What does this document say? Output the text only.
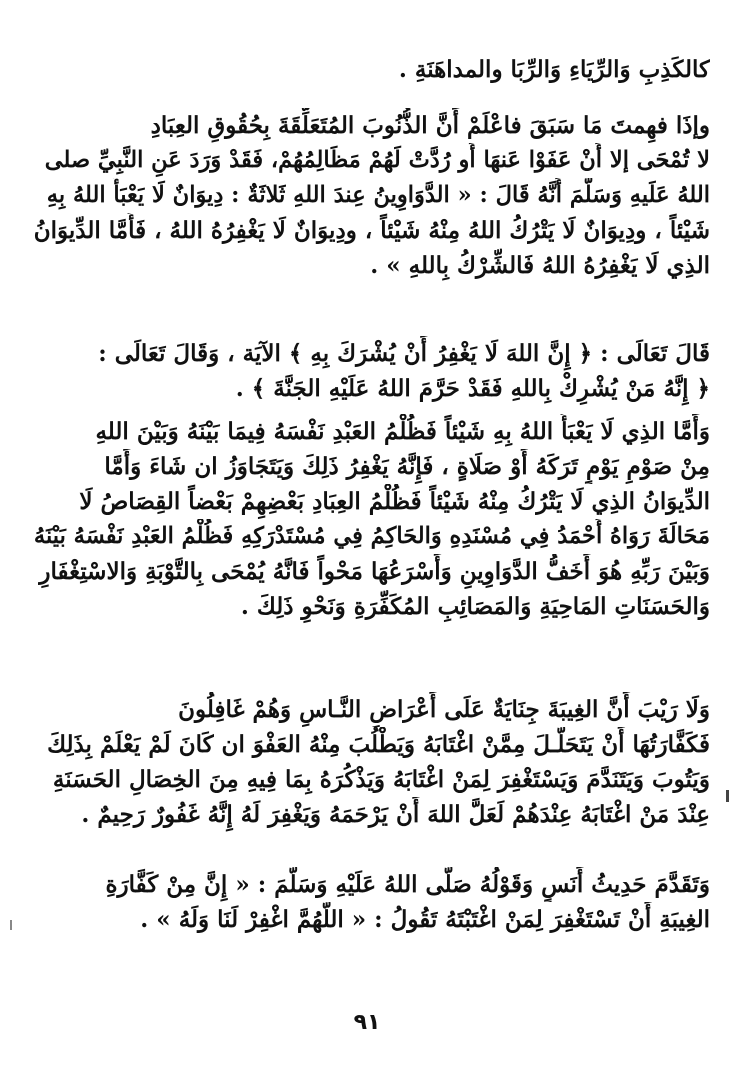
كالكَذِبِ وَالرِّيَاءِ وَالرِّبَا والمداهَنَةِ .
وإذَا فهِمتَ مَا سَبَقَ فاعْلَمْ أَنَّ الذُّنُوبَ المُتَعَلِّقَةَ بِحُقُوقِ العِبَادِ
لا تُمْحَى إلا أَنْ عَفَوْا عَنهَا أَو رُدَّتْ لَهُمْ مَظَالِمُهُمْ، فَقَدْ وَرَدَ عَنِ النَّبِيِّ صلى
اللهُ عَلَيهِ وَسَلَّمَ أَنَّهُ قَالَ : « الدَّوَاوِينُ عِندَ اللهِ ثَلاثَةٌ : دِيوَانٌ لَا يَعْبَأُ اللهُ بِهِ
شَيْئاً ، ودِيوَانٌ لَا يَتْرُكُ اللهُ مِنْهُ شَيْئاً ، ودِيوَانٌ لَا يَغْفِرُهُ اللهُ ، فَأَمَّا الدِّيوَانُ
الذِي لَا يَغْفِرُهُ اللهُ فَالشِّرْكُ بِاللهِ » .
قَالَ تَعَالَى : ﴿ إِنَّ اللهَ لَا يَغْفِرُ أَنْ يُشْرَكَ بِهِ ﴾ الآيَة ، وَقَالَ تَعَالَى :
﴿ إِنَّهُ مَنْ يُشْرِكْ بِاللهِ فَقَدْ حَرَّمَ اللهُ عَلَيْهِ الجَنَّةَ ﴾ .
وَأَمَّا الذِي لَا يَعْبَأُ اللهُ بِهِ شَيْئاً فَظُلْمُ العَبْدِ نَفْسَهُ فِيمَا بَيْنَهُ وَبَيْنَ اللهِ
مِنْ صَوْمِ يَوْمٍ تَرَكَهُ أَوْ صَلَاةٍ ، فَإِنَّهُ يَغْفِرُ ذَلِكَ وَيَتَجَاوَزُ ان شَاءَ وَأَمَّا
الدِّيوَانُ الذِي لَا يَتْرُكُ مِنْهُ شَيْئاً فَظُلْمُ العِبَادِ بَعْضِهِمْ بَعْضاً القِصَاصُ لَا
مَحَالَةَ رَوَاهُ أَحْمَدُ فِي مُسْنَدِهِ وَالحَاكِمُ فِي مُسْتَدْرَكِهِ فَظُلْمُ العَبْدِ نَفْسَهُ بَيْنَهُ
وَبَيْنَ رَبِّهِ هُوَ أَخَفُّ الدَّوَاوِينِ وَأَسْرَعُهَا مَحْواً فَانَّهُ يُمْحَى بِالتَّوْبَةِ وَالاسْتِغْفَارِ
وَالحَسَنَاتِ المَاحِيَةِ وَالمَصَائِبِ المُكَفِّرَةِ وَنَحْوِ ذَلِكَ .
وَلَا رَيْبَ أَنَّ الغِيبَةَ جِنَايَةٌ عَلَى أَعْرَاضِ النَّـاسِ وَهُمْ غَافِلُونَ
فَكَفَّارَتُهَا أَنْ يَتَحَلَّـلَ مِمَّنْ اغْتَابَهُ وَيَطْلُبَ مِنْهُ العَفْوَ ان كَانَ لَمْ يَعْلَمْ بِذَلِكَ
وَيَتُوبَ وَيَتَنَدَّمَ وَيَسْتَغْفِرَ لِمَنْ اغْتَابَهُ وَيَذْكُرَهُ بِمَا فِيهِ مِنَ الخِصَالِ الحَسَنَةِ
عِنْدَ مَنْ اغْتَابَهُ عِنْدَهُمْ لَعَلَّ اللهَ أَنْ يَرْحَمَهُ وَيَغْفِرَ لَهُ إِنَّهُ غَفُورٌ رَحِيمٌ .
وَتَقَدَّمَ حَدِيثُ أَنَسٍ وَقَوْلُهُ صَلَّى اللهُ عَلَيْهِ وَسَلَّمَ : « إِنَّ مِنْ كَفَّارَةِ
الغِيبَةِ أَنْ تَسْتَغْفِرَ لِمَنْ اغْتَبْتَهُ تَقُولُ : « اللَّهُمَّ اغْفِرْ لَنَا وَلَهُ » .
٩١
